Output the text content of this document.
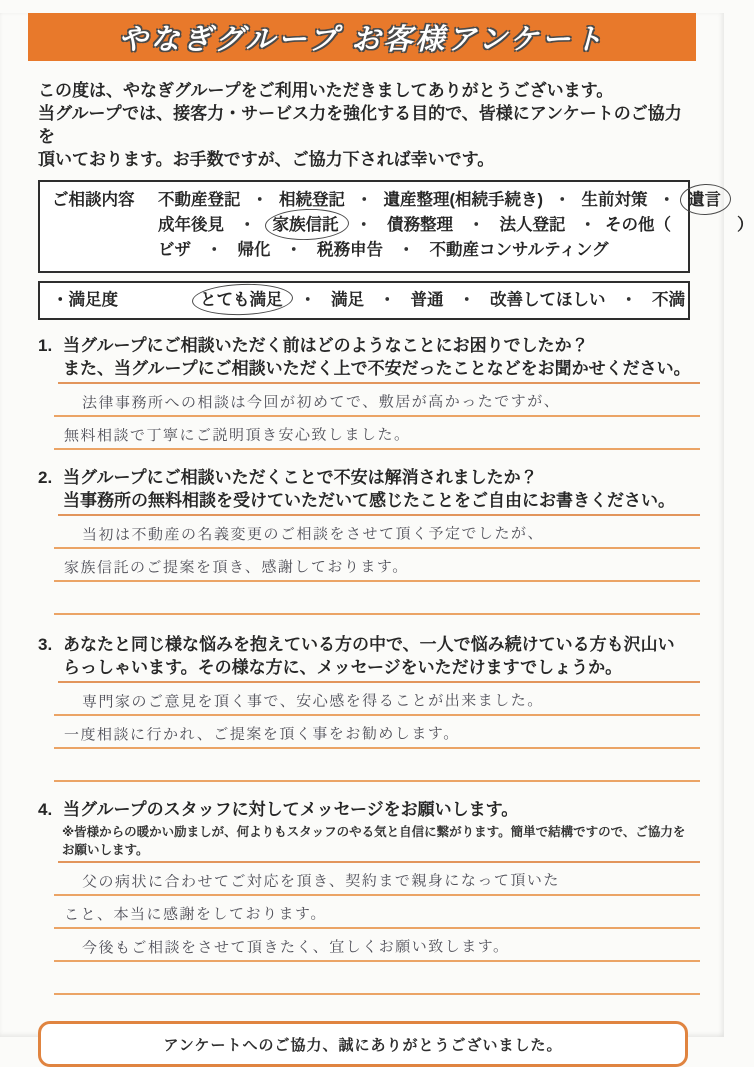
やなぎグループ お客様アンケート
この度は、やなぎグループをご利用いただきましてありがとうございます。
当グループでは、接客力・サービス力を強化する目的で、皆様にアンケートのご協力を
頂いております。お手数ですが、ご協力下されば幸いです。
ご相談内容	不動産登記 ・ 相続登記 ・ 遺産整理(相続手続き) ・ 生前対策 ・ 遺言
成年後見 ・ 家族信託 ・ 債務整理 ・ 法人登記 ・ その他（　　　　）
ビザ ・ 帰化 ・ 税務申告 ・ 不動産コンサルティング
・満足度	とても満足 ・ 満足 ・ 普通 ・ 改善してほしい ・ 不満
1. 当グループにご相談いただく前はどのようなことにお困りでしたか？
また、当グループにご相談いただく上で不安だったことなどをお聞かせください。
法律事務所への相談は今回が初めてで、敷居が高かったですが、
無料相談で丁寧にご説明頂き安心致しました。
2. 当グループにご相談いただくことで不安は解消されましたか？
当事務所の無料相談を受けていただいて感じたことをご自由にお書きください。
当初は不動産の名義変更のご相談をさせて頂く予定でしたが、
家族信託のご提案を頂き、感謝しております。
3. あなたと同じ様な悩みを抱えている方の中で、一人で悩み続けている方も沢山い
らっしゃいます。その様な方に、メッセージをいただけますでしょうか。
専門家のご意見を頂く事で、安心感を得ることが出来ました。
一度相談に行かれ、ご提案を頂く事をお勧めします。
4. 当グループのスタッフに対してメッセージをお願いします。
※皆様からの暖かい励ましが、何よりもスタッフのやる気と自信に繋がります。簡単で結構ですので、ご協力をお願いします。
父の病状に合わせてご対応を頂き、契約まで親身になって頂いた
こと、本当に感謝をしております。
今後もご相談をさせて頂きたく、宜しくお願い致します。
アンケートへのご協力、誠にありがとうございました。
